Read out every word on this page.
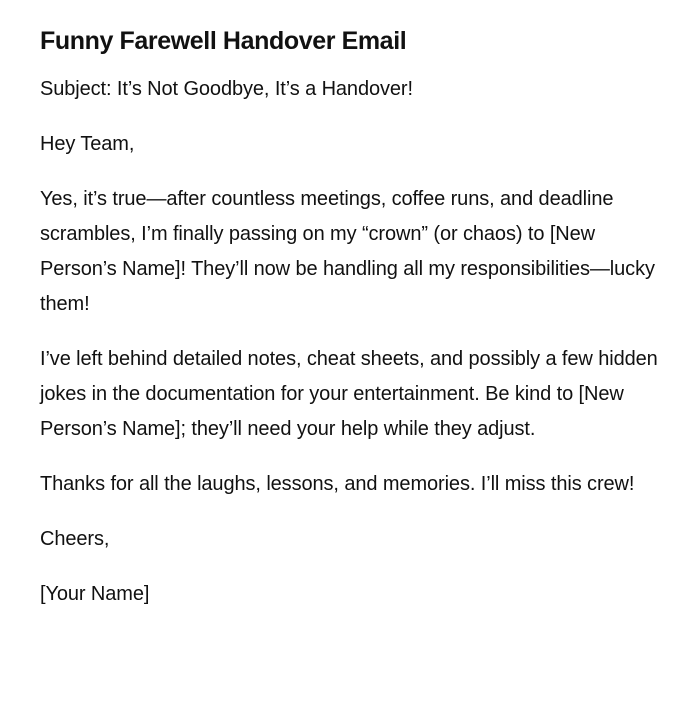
Funny Farewell Handover Email

Subject: It’s Not Goodbye, It’s a Handover!

Hey Team,

Yes, it’s true—after countless meetings, coffee runs, and deadline scrambles, I’m finally passing on my “crown” (or chaos) to [New Person’s Name]! They’ll now be handling all my responsibilities—lucky them!

I’ve left behind detailed notes, cheat sheets, and possibly a few hidden jokes in the documentation for your entertainment. Be kind to [New Person’s Name]; they’ll need your help while they adjust.

Thanks for all the laughs, lessons, and memories. I’ll miss this crew!

Cheers,

[Your Name]
